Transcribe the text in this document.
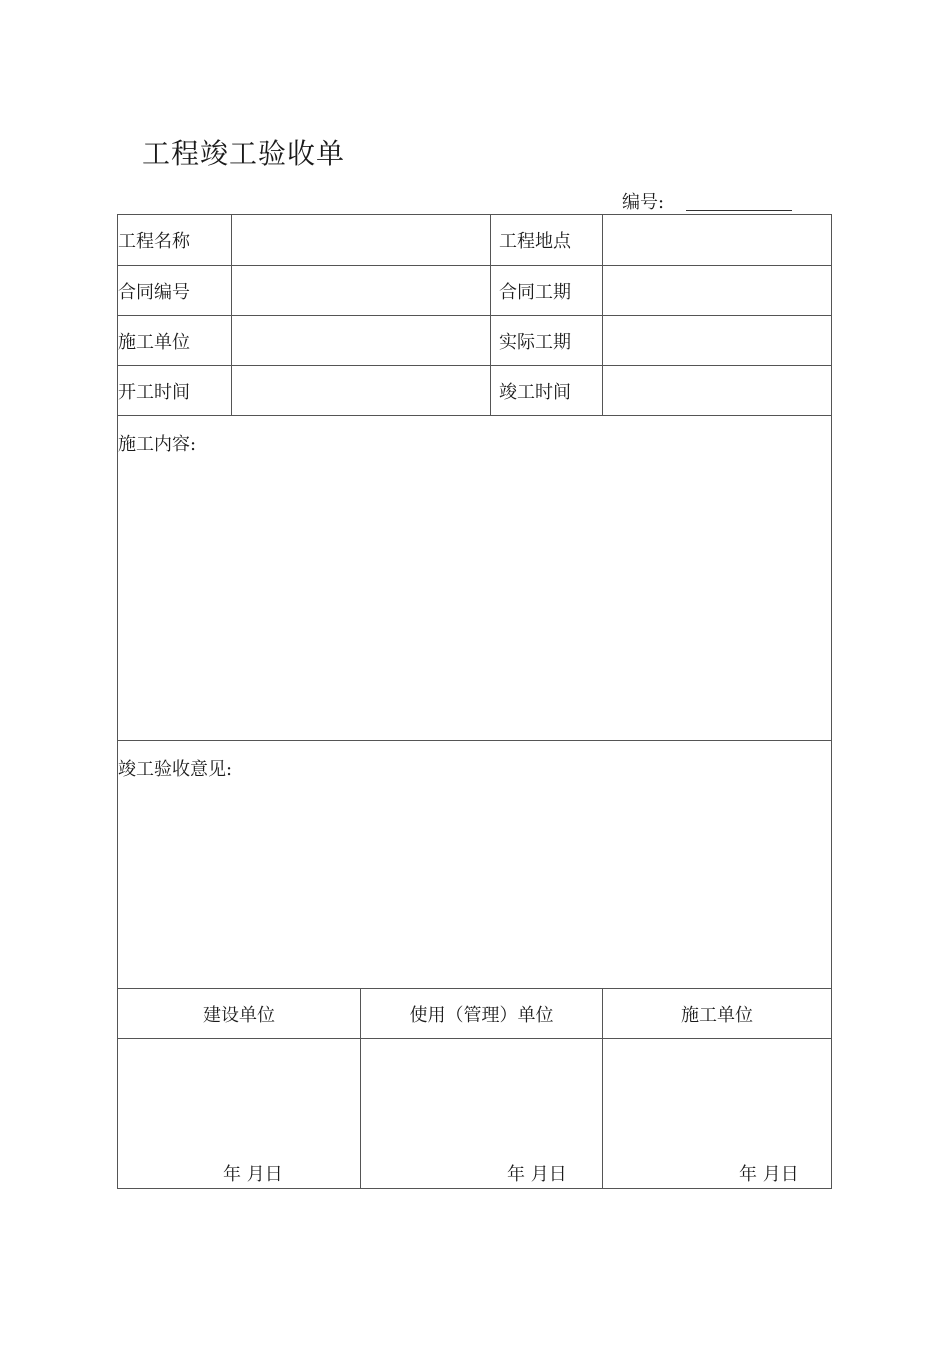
工程竣工验收单
编号:
工程名称			工程地点	
合同编号			合同工期	
施工单位			实际工期	
开工时间			竣工时间	

施工内容:				

竣工验收意见:				

建设单位		使用（管理）单位		施工单位

年 月日		年 月日		年 月日
